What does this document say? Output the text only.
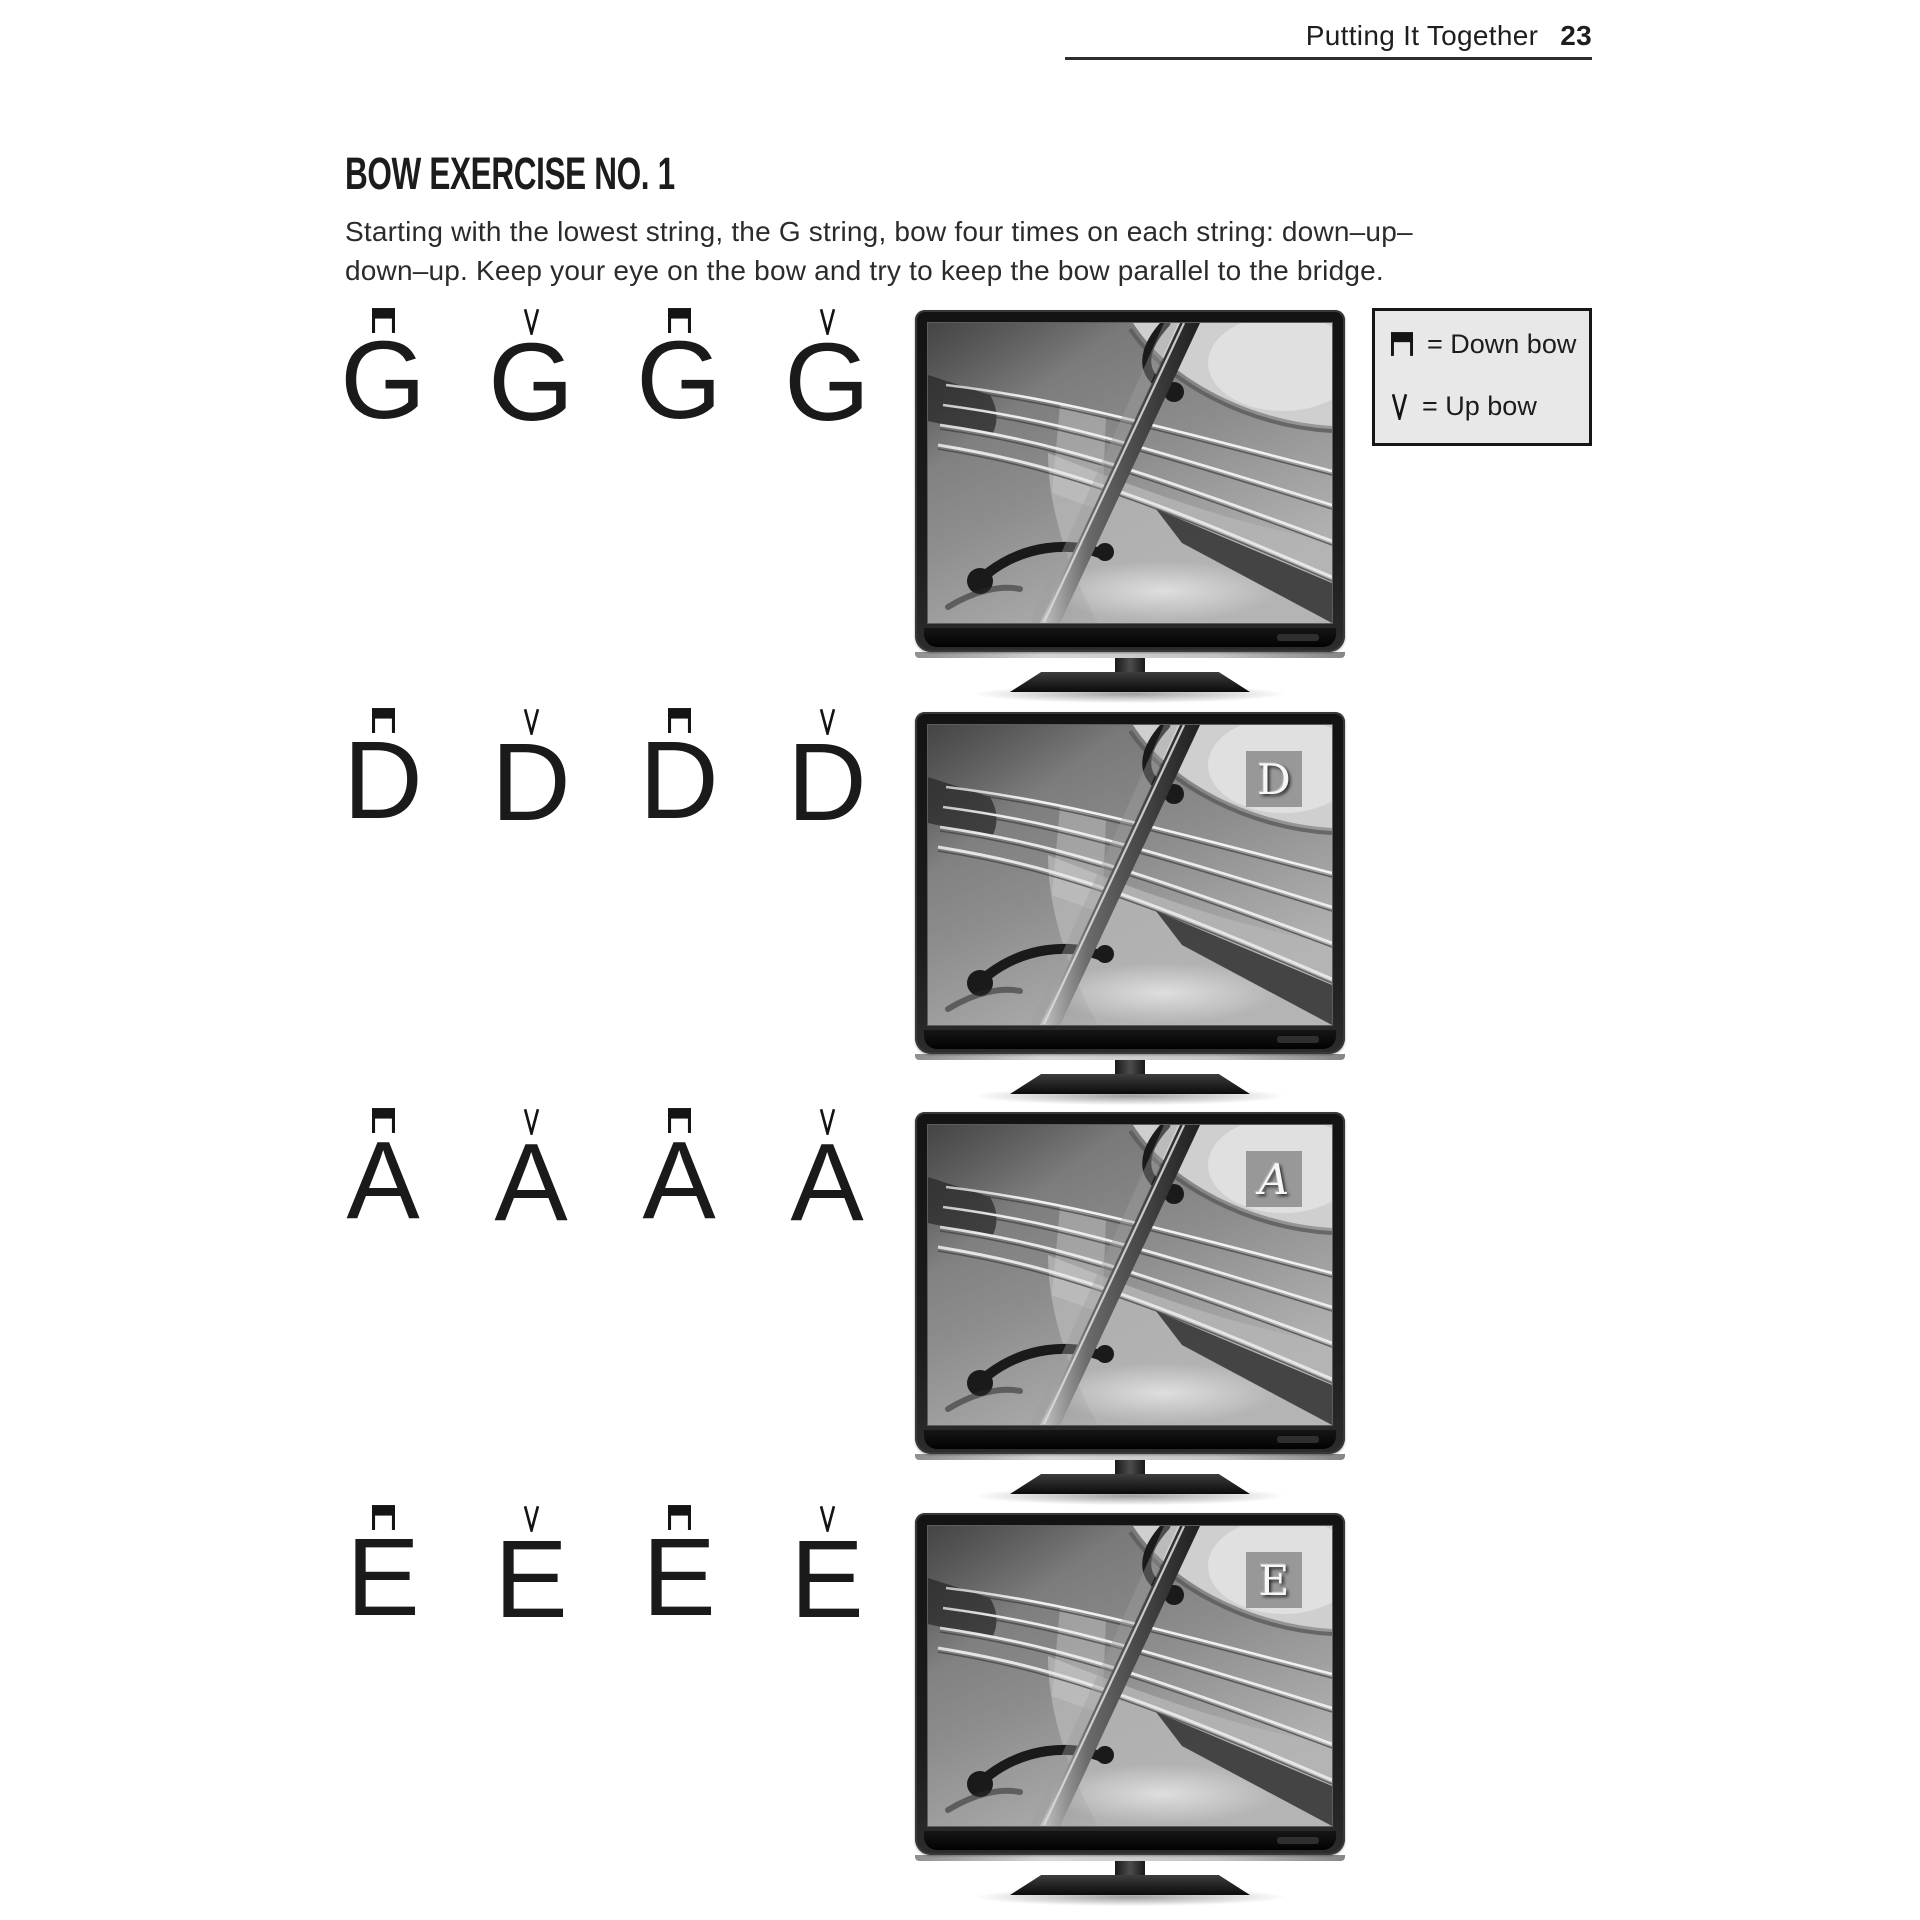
Putting It Together 23
BOW EXERCISE NO. 1
Starting with the lowest string, the G string, bow four times on each string: down–up–
down–up. Keep your eye on the bow and try to keep the bow parallel to the bridge.
= Down bow
= Up bow
G G G G
D D D D
A A A A
E E E E
D
A
E
